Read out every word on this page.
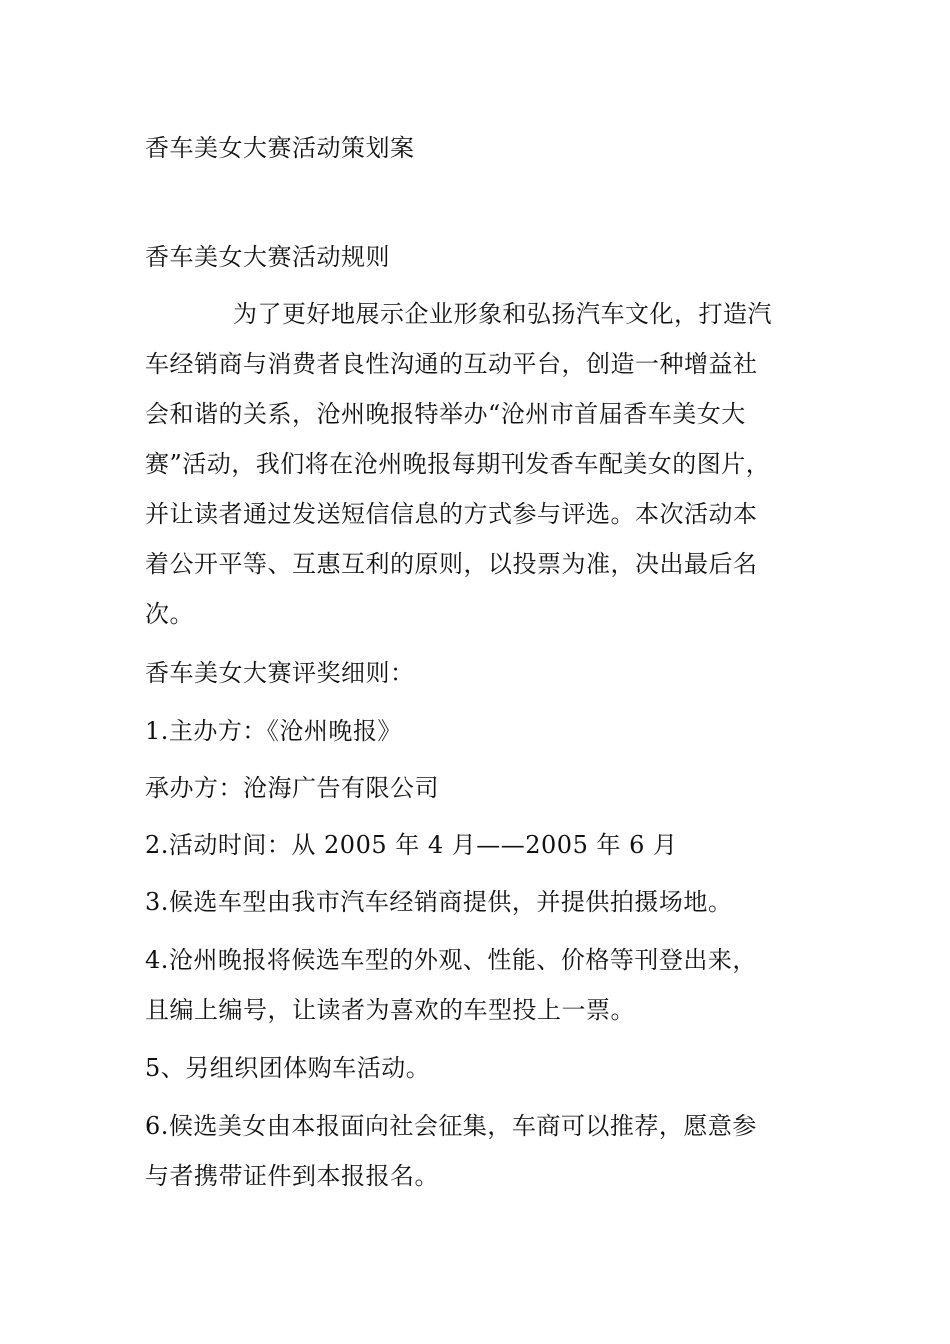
香车美女大赛活动策划案
香车美女大赛活动规则
为了更好地展示企业形象和弘扬汽车文化，打造汽
车经销商与消费者良性沟通的互动平台，创造一种增益社
会和谐的关系，沧州晚报特举办“沧州市首届香车美女大
赛”活动，我们将在沧州晚报每期刊发香车配美女的图片，
并让读者通过发送短信信息的方式参与评选。本次活动本
着公开平等、互惠互利的原则，以投票为准，决出最后名
次。
香车美女大赛评奖细则：
1.主办方：《沧州晚报》
承办方：沧海广告有限公司
2.活动时间：从 2005 年 4 月——2005 年 6 月
3.候选车型由我市汽车经销商提供，并提供拍摄场地。
4.沧州晚报将候选车型的外观、性能、价格等刊登出来，
且编上编号，让读者为喜欢的车型投上一票。
5、另组织团体购车活动。
6.候选美女由本报面向社会征集，车商可以推荐，愿意参
与者携带证件到本报报名。
